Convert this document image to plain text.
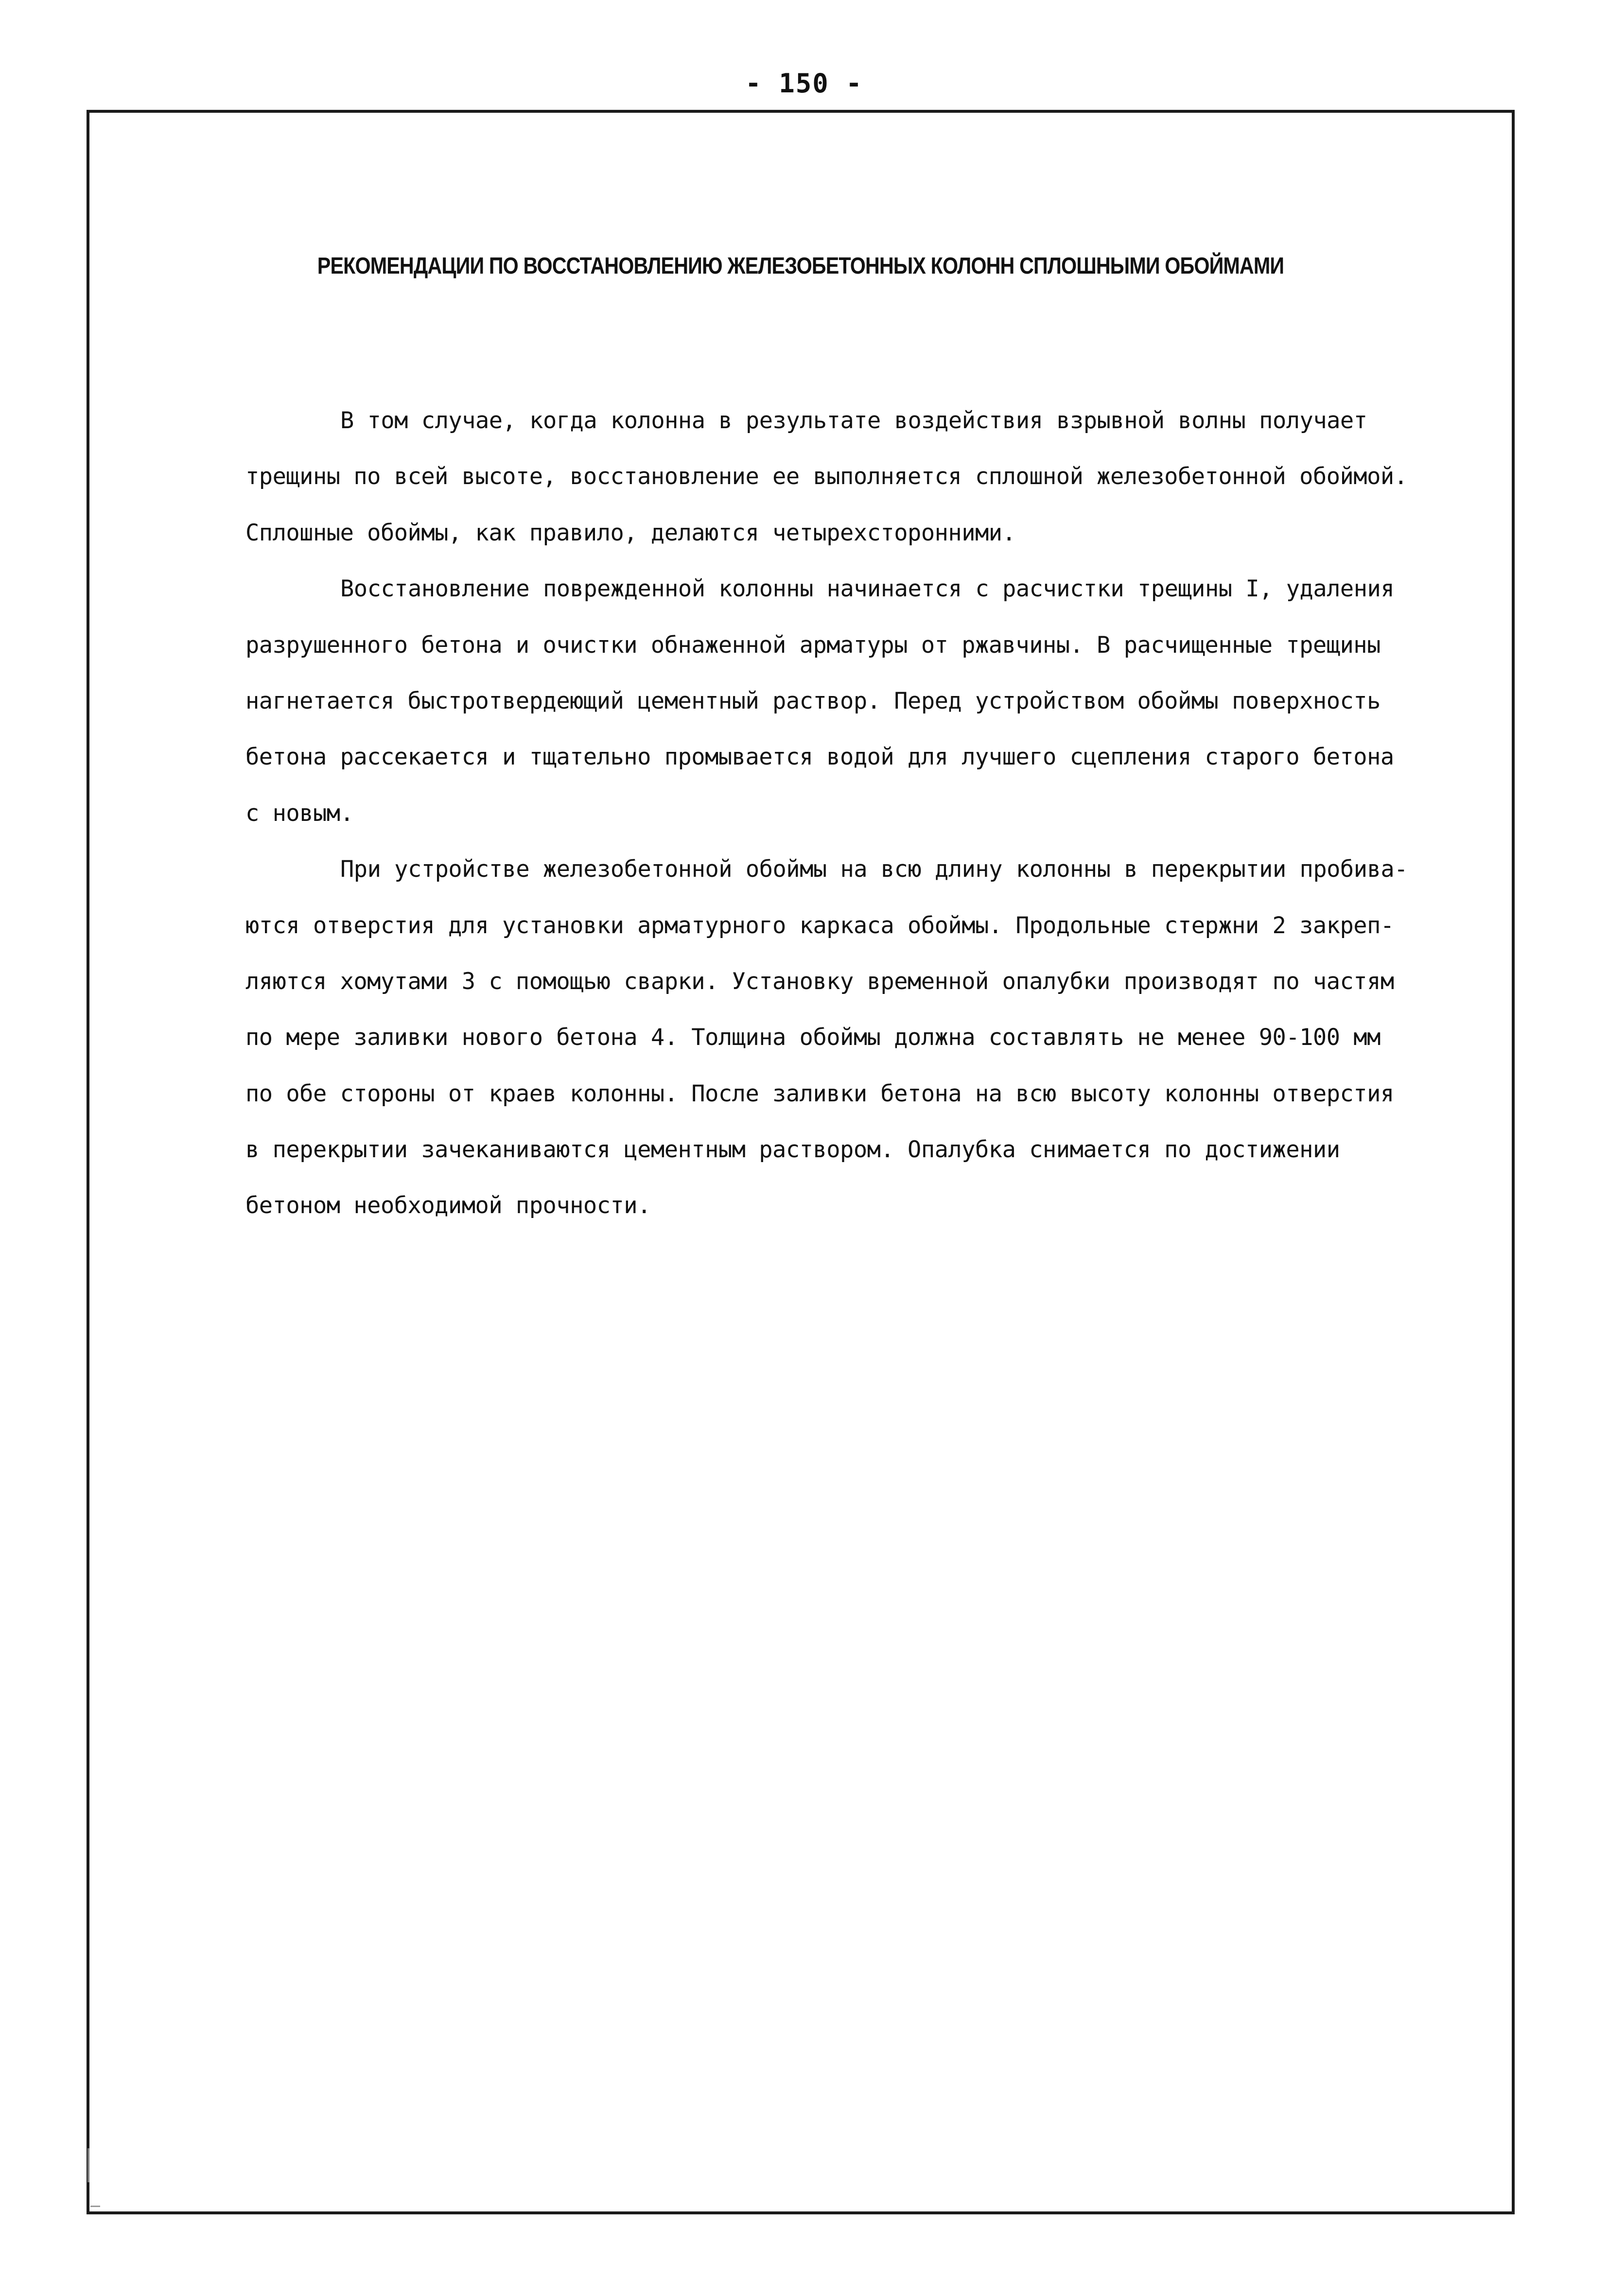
- 150 -
РЕКОМЕНДАЦИИ ПО ВОССТАНОВЛЕНИЮ ЖЕЛЕЗОБЕТОННЫХ КОЛОНН СПЛОШНЫМИ ОБОЙМАМИ
В том случае, когда колонна в результате воздействия взрывной волны получает
трещины по всей высоте, восстановление ее выполняется сплошной железобетонной обоймой.
Сплошные обоймы, как правило, делаются четырехсторонними.
Восстановление поврежденной колонны начинается с расчистки трещины I, удаления
разрушенного бетона и очистки обнаженной арматуры от ржавчины. В расчищенные трещины
нагнетается быстротвердеющий цементный раствор. Перед устройством обоймы поверхность
бетона рассекается и тщательно промывается водой для лучшего сцепления старого бетона
с новым.
При устройстве железобетонной обоймы на всю длину колонны в перекрытии пробива-
ются отверстия для установки арматурного каркаса обоймы. Продольные стержни 2 закреп-
ляются хомутами 3 с помощью сварки. Установку временной опалубки производят по частям
по мере заливки нового бетона 4. Толщина обоймы должна составлять не менее 90-100 мм
по обе стороны от краев колонны. После заливки бетона на всю высоту колонны отверстия
в перекрытии зачеканиваются цементным раствором. Опалубка снимается по достижении
бетоном необходимой прочности.
